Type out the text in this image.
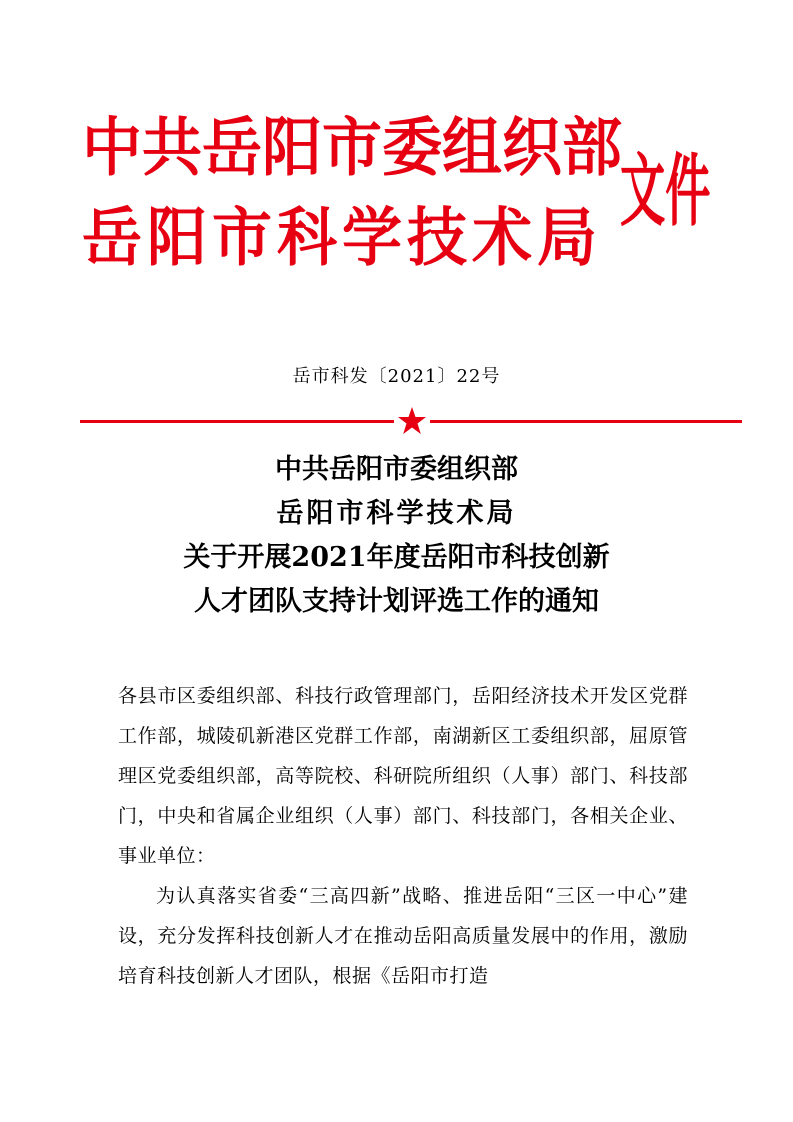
中共岳阳市委组织部
岳阳市科学技术局
文件
岳市科发〔2021〕22号
中共岳阳市委组织部
岳阳市科学技术局
关于开展2021年度岳阳市科技创新
人才团队支持计划评选工作的通知

各县市区委组织部、科技行政管理部门，岳阳经济技术开发区党群工作部，城陵矶新港区党群工作部，南湖新区工委组织部，屈原管理区党委组织部，高等院校、科研院所组织（人事）部门、科技部门，中央和省属企业组织（人事）部门、科技部门，各相关企业、事业单位：

为认真落实省委“三高四新”战略、推进岳阳“三区一中心”建设，充分发挥科技创新人才在推动岳阳高质量发展中的作用，激励培育科技创新人才团队，根据《岳阳市打造
